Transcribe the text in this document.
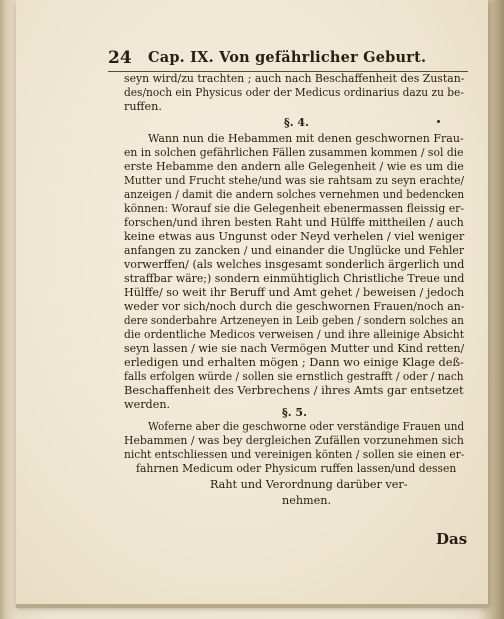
24 Cap. IX. Von gefährlicher Geburt.
seyn wird/zu trachten ; auch nach Beschaffenheit des Zustan-
des/noch ein Physicus oder der Medicus ordinarius dazu zu be-
ruffen.
§. 4.
Wann nun die Hebammen mit denen geschwornen Frau-
en in solchen gefährlichen Fällen zusammen kommen / sol die
erste Hebamme den andern alle Gelegenheit / wie es um die
Mutter und Frucht stehe/und was sie rahtsam zu seyn erachte/
anzeigen / damit die andern solches vernehmen und bedencken
können: Worauf sie die Gelegenheit ebenermassen fleissig er-
forschen/und ihren besten Raht und Hülffe mittheilen / auch
keine etwas aus Ungunst oder Neyd verhelen / viel weniger
anfangen zu zancken / und einander die Unglücke und Fehler
vorwerffen/ (als welches insgesamt sonderlich ärgerlich und
straffbar wäre;) sondern einmühtiglich Christliche Treue und
Hülffe/ so weit ihr Beruff und Amt gehet / beweisen / jedoch
weder vor sich/noch durch die geschwornen Frauen/noch an-
dere sonderbahre Artzeneyen in Leib geben / sondern solches an
die ordentliche Medicos verweisen / und ihre alleinige Absicht
seyn lassen / wie sie nach Vermögen Mutter und Kind retten/
erledigen und erhalten mögen ; Dann wo einige Klage deß-
falls erfolgen würde / sollen sie ernstlich gestrafft / oder / nach
Beschaffenheit des Verbrechens / ihres Amts gar entsetzet
werden.
§. 5.
Woferne aber die geschworne oder verständige Frauen und
Hebammen / was bey dergleichen Zufällen vorzunehmen sich
nicht entschliessen und vereinigen könten / sollen sie einen er-
fahrnen Medicum oder Physicum ruffen lassen/und dessen
Raht und Verordnung darüber ver-
nehmen.
Das
